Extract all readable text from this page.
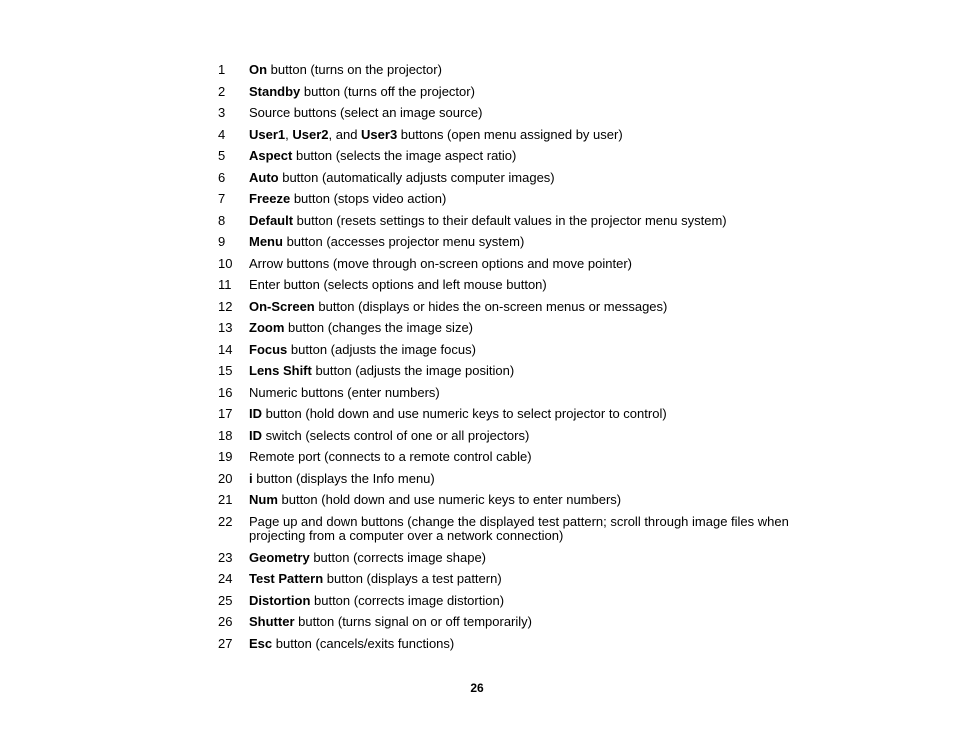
1	On button (turns on the projector)
2	Standby button (turns off the projector)
3	Source buttons (select an image source)
4	User1, User2, and User3 buttons (open menu assigned by user)
5	Aspect button (selects the image aspect ratio)
6	Auto button (automatically adjusts computer images)
7	Freeze button (stops video action)
8	Default button (resets settings to their default values in the projector menu system)
9	Menu button (accesses projector menu system)
10	Arrow buttons (move through on-screen options and move pointer)
11	Enter button (selects options and left mouse button)
12	On-Screen button (displays or hides the on-screen menus or messages)
13	Zoom button (changes the image size)
14	Focus button (adjusts the image focus)
15	Lens Shift button (adjusts the image position)
16	Numeric buttons (enter numbers)
17	ID button (hold down and use numeric keys to select projector to control)
18	ID switch (selects control of one or all projectors)
19	Remote port (connects to a remote control cable)
20	i button (displays the Info menu)
21	Num button (hold down and use numeric keys to enter numbers)
22	Page up and down buttons (change the displayed test pattern; scroll through image files when projecting from a computer over a network connection)
23	Geometry button (corrects image shape)
24	Test Pattern button (displays a test pattern)
25	Distortion button (corrects image distortion)
26	Shutter button (turns signal on or off temporarily)
27	Esc button (cancels/exits functions)
26
